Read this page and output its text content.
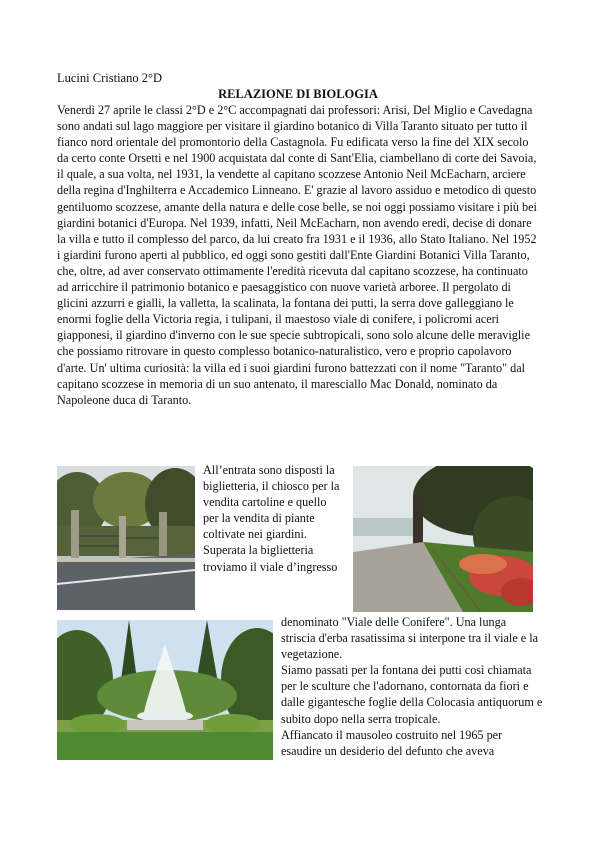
Lucini Cristiano 2°D
RELAZIONE DI BIOLOGIA
Venerdì 27 aprile le classi 2°D e 2°C accompagnati dai professori: Arisi, Del Miglio e Cavedagna sono andati sul lago maggiore per visitare il giardino botanico di Villa Taranto situato per tutto il fianco nord orientale del promontorio della Castagnola. Fu edificata verso la fine del XIX secolo da certo conte Orsetti e nel 1900 acquistata dal conte di Sant'Elia, ciambellano di corte dei Savoia, il quale, a sua volta, nel 1931, la vendette al capitano scozzese Antonio Neil McEacharn, arciere della regina d'Inghilterra e Accademico Linneano. E' grazie al lavoro assiduo e metodico di questo gentiluomo scozzese, amante della natura e delle cose belle, se noi oggi possiamo visitare i più bei giardini botanici d'Europa. Nel 1939, infatti, Neil McEacharn, non avendo eredi, decise di donare la villa e tutto il complesso del parco, da lui creato fra 1931 e il 1936, allo Stato Italiano. Nel 1952 i giardini furono aperti al pubblico, ed oggi sono gestiti dall'Ente Giardini Botanici Villa Taranto, che, oltre, ad aver conservato ottimamente l'eredità ricevuta dal capitano scozzese, ha continuato ad arricchire il patrimonio botanico e paesaggistico con nuove varietà arboree. Il pergolato di glicini azzurri e gialli, la valletta, la scalinata, la fontana dei putti, la serra dove galleggiano le enormi foglie della Victoria regia, i tulipani, il maestoso viale di conifere, i policromi aceri giapponesi, il giardino d'inverno con le sue specie subtropicali, sono solo alcune delle meraviglie che possiamo ritrovare in questo complesso botanico-naturalistico, vero e proprio capolavoro d'arte. Un' ultima curiosità: la villa ed i suoi giardini furono battezzati con il nome "Taranto" dal capitano scozzese in memoria di un suo antenato, il maresciallo Mac Donald, nominato da Napoleone duca di Taranto.
All’entrata sono disposti la biglietteria, il chiosco per la vendita cartoline e quello per la vendita di piante coltivate nei giardini.
Superata la biglietteria troviamo il viale d’ingresso
denominato "Viale delle Conifere". Una lunga striscia d'erba rasatissima si interpone tra il viale e la vegetazione.
Siamo passati per la fontana dei putti così chiamata per le sculture che l'adornano, contornata da fiori e dalle gigantesche foglie della Colocasia antiquorum e subito dopo nella serra tropicale.
Affiancato il mausoleo costruito nel 1965 per esaudire un desiderio del defunto che aveva
